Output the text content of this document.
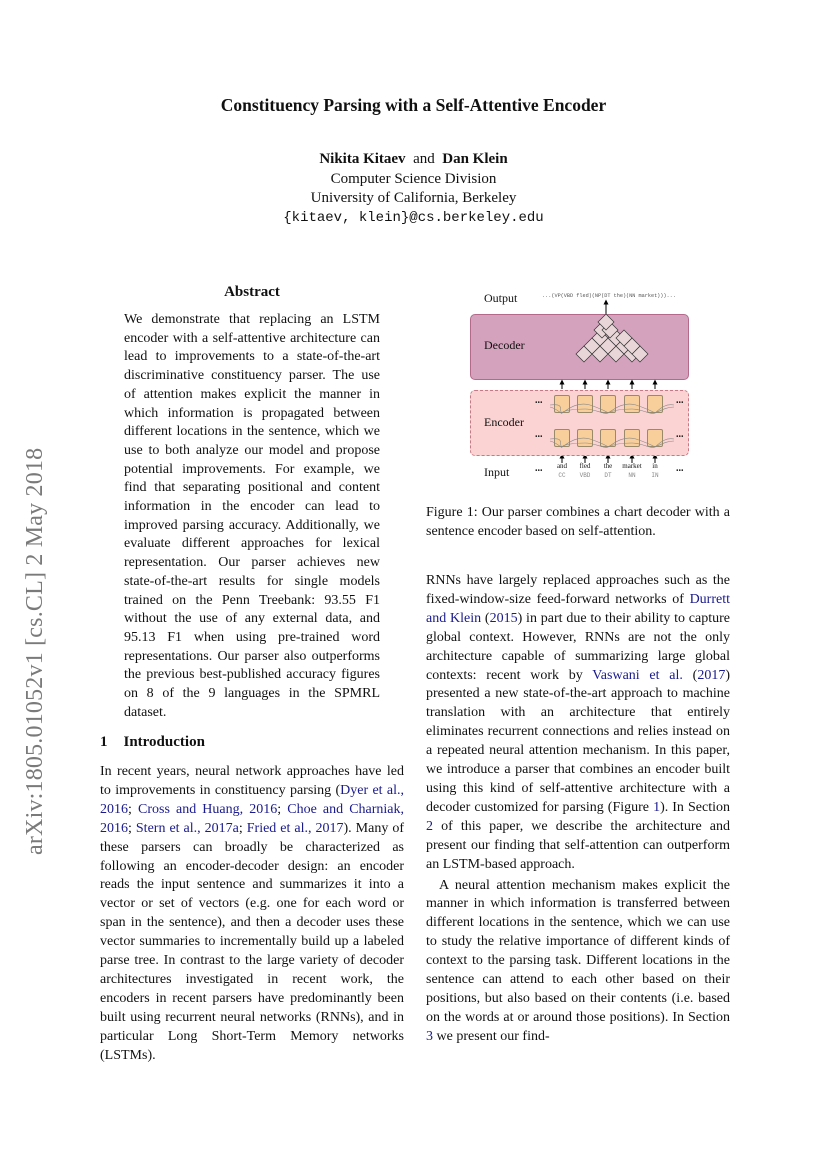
Constituency Parsing with a Self-Attentive Encoder
Nikita Kitaev and Dan Klein
Computer Science Division
University of California, Berkeley
{kitaev, klein}@cs.berkeley.edu
arXiv:1805.01052v1 [cs.CL] 2 May 2018
Abstract
We demonstrate that replacing an LSTM encoder with a self-attentive architecture can lead to improvements to a state-of-the-art discriminative constituency parser. The use of attention makes explicit the manner in which information is propagated between different locations in the sentence, which we use to both analyze our model and propose potential improvements. For example, we find that separating positional and content information in the encoder can lead to improved parsing accuracy. Additionally, we evaluate different approaches for lexical representation. Our parser achieves new state-of-the-art results for single models trained on the Penn Treebank: 93.55 F1 without the use of any external data, and 95.13 F1 when using pre-trained word representations. Our parser also outperforms the previous best-published accuracy figures on 8 of the 9 languages in the SPMRL dataset.
1 Introduction
In recent years, neural network approaches have led to improvements in constituency parsing (Dyer et al., 2016; Cross and Huang, 2016; Choe and Charniak, 2016; Stern et al., 2017a; Fried et al., 2017). Many of these parsers can broadly be characterized as following an encoder-decoder design: an encoder reads the input sentence and summarizes it into a vector or set of vectors (e.g. one for each word or span in the sentence), and then a decoder uses these vector summaries to incrementally build up a labeled parse tree. In contrast to the large variety of decoder architectures investigated in recent work, the encoders in recent parsers have predominantly been built using recurrent neural networks (RNNs), and in particular Long Short-Term Memory networks (LSTMs).
Output	...(VP(VBD fled)(NP(DT the)(NN market)))...
Decoder
Encoder
...	...
...	...
Input	...	...
and
CC
fled
VBD
the
DT
market
NN
in
IN
Figure 1: Our parser combines a chart decoder with a sentence encoder based on self-attention.

RNNs have largely replaced approaches such as the fixed-window-size feed-forward networks of Durrett and Klein (2015) in part due to their ability to capture global context. However, RNNs are not the only architecture capable of summarizing large global contexts: recent work by Vaswani et al. (2017) presented a new state-of-the-art approach to machine translation with an architecture that entirely eliminates recurrent connections and relies instead on a repeated neural attention mechanism. In this paper, we introduce a parser that combines an encoder built using this kind of self-attentive architecture with a decoder customized for parsing (Figure 1). In Section 2 of this paper, we describe the architecture and present our finding that self-attention can outperform an LSTM-based approach.

A neural attention mechanism makes explicit the manner in which information is transferred between different locations in the sentence, which we can use to study the relative importance of different kinds of context to the parsing task. Different locations in the sentence can attend to each other based on their positions, but also based on their contents (i.e. based on the words at or around those positions). In Section 3 we present our find-
